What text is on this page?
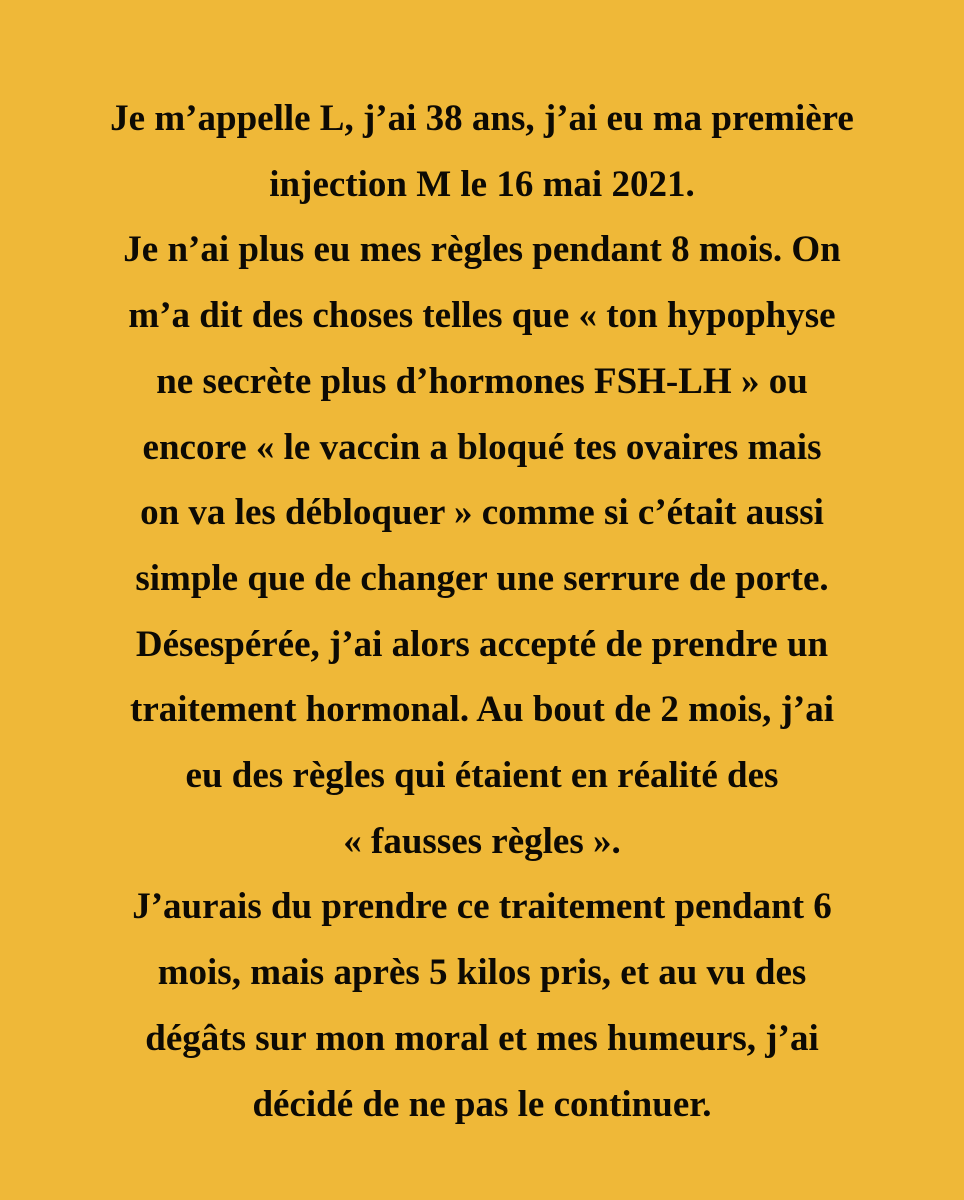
Je m’appelle L, j’ai 38 ans, j’ai eu ma première
injection M le 16 mai 2021.
Je n’ai plus eu mes règles pendant 8 mois. On
m’a dit des choses telles que « ton hypophyse
ne secrète plus d’hormones FSH-LH » ou
encore « le vaccin a bloqué tes ovaires mais
on va les débloquer » comme si c’était aussi
simple que de changer une serrure de porte.
Désespérée, j’ai alors accepté de prendre un
traitement hormonal. Au bout de 2 mois, j’ai
eu des règles qui étaient en réalité des
« fausses règles ».
J’aurais du prendre ce traitement pendant 6
mois, mais après 5 kilos pris, et au vu des
dégâts sur mon moral et mes humeurs, j’ai
décidé de ne pas le continuer.
